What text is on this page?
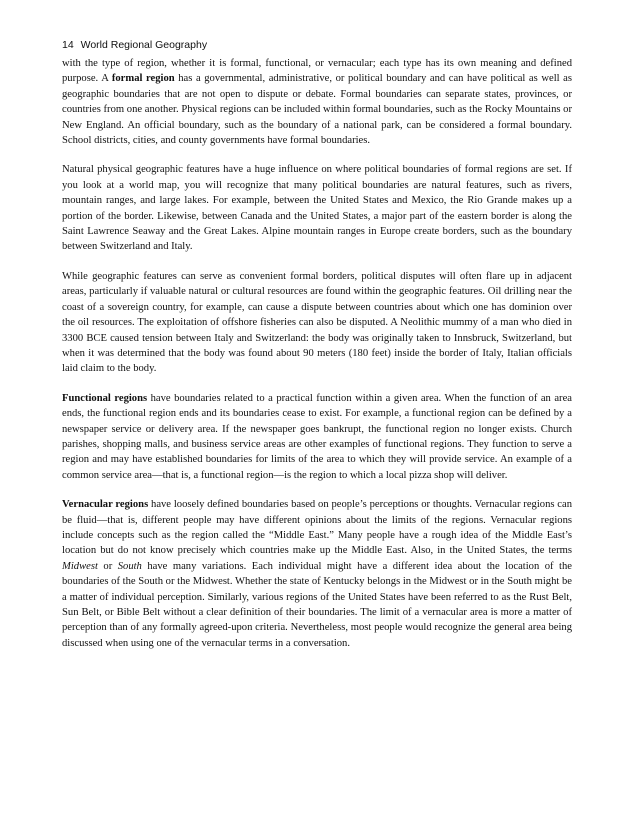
14 World Regional Geography

with the type of region, whether it is formal, functional, or vernacular; each type has its own meaning and defined purpose. A formal region has a governmental, administrative, or political boundary and can have political as well as geographic boundaries that are not open to dispute or debate. Formal boundaries can separate states, provinces, or countries from one another. Physical regions can be included within formal boundaries, such as the Rocky Mountains or New England. An official boundary, such as the boundary of a national park, can be considered a formal boundary. School districts, cities, and county governments have formal boundaries.

Natural physical geographic features have a huge influence on where political boundaries of formal regions are set. If you look at a world map, you will recognize that many political boundaries are natural features, such as rivers, mountain ranges, and large lakes. For example, between the United States and Mexico, the Rio Grande makes up a portion of the border. Likewise, between Canada and the United States, a major part of the eastern border is along the Saint Lawrence Seaway and the Great Lakes. Alpine mountain ranges in Europe create borders, such as the boundary between Switzerland and Italy.

While geographic features can serve as convenient formal borders, political disputes will often flare up in adjacent areas, particularly if valuable natural or cultural resources are found within the geographic features. Oil drilling near the coast of a sovereign country, for example, can cause a dispute between countries about which one has dominion over the oil resources. The exploitation of offshore fisheries can also be disputed. A Neolithic mummy of a man who died in 3300 BCE caused tension between Italy and Switzerland: the body was originally taken to Innsbruck, Switzerland, but when it was determined that the body was found about 90 meters (180 feet) inside the border of Italy, Italian officials laid claim to the body.

Functional regions have boundaries related to a practical function within a given area. When the function of an area ends, the functional region ends and its boundaries cease to exist. For example, a functional region can be defined by a newspaper service or delivery area. If the newspaper goes bankrupt, the functional region no longer exists. Church parishes, shopping malls, and business service areas are other examples of functional regions. They function to serve a region and may have established boundaries for limits of the area to which they will provide service. An example of a common service area—that is, a functional region—is the region to which a local pizza shop will deliver.

Vernacular regions have loosely defined boundaries based on people’s perceptions or thoughts. Vernacular regions can be fluid—that is, different people may have different opinions about the limits of the regions. Vernacular regions include concepts such as the region called the “Middle East.” Many people have a rough idea of the Middle East’s location but do not know precisely which countries make up the Middle East. Also, in the United States, the terms Midwest or South have many variations. Each individual might have a different idea about the location of the boundaries of the South or the Midwest. Whether the state of Kentucky belongs in the Midwest or in the South might be a matter of individual perception. Similarly, various regions of the United States have been referred to as the Rust Belt, Sun Belt, or Bible Belt without a clear definition of their boundaries. The limit of a vernacular area is more a matter of perception than of any formally agreed-upon criteria. Nevertheless, most people would recognize the general area being discussed when using one of the vernacular terms in a conversation.
